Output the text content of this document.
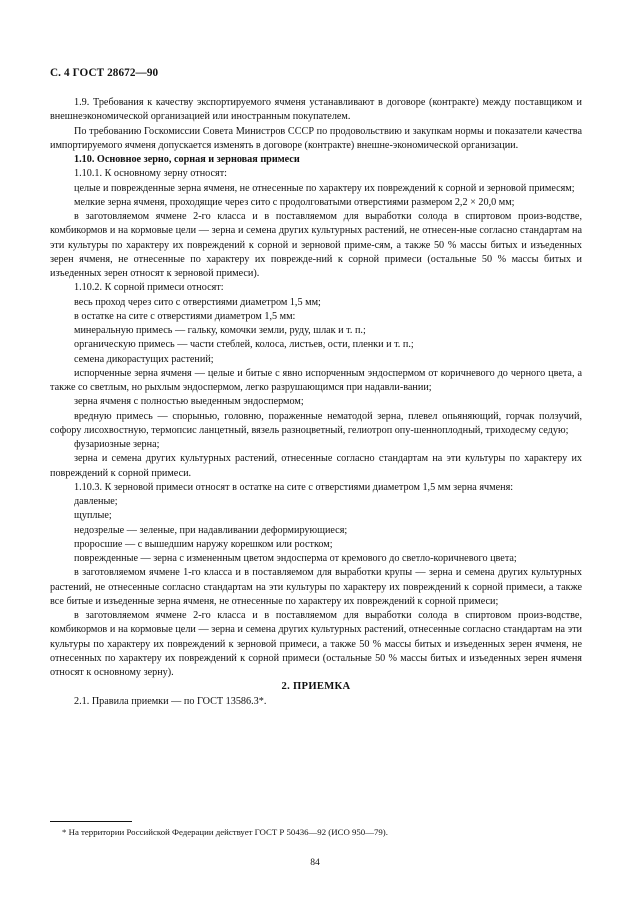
С. 4 ГОСТ 28672—90

1.9. Требования к качеству экспортируемого ячменя устанавливают в договоре (контракте) между поставщиком и внешнеэкономической организацией или иностранным покупателем.

По требованию Госкомиссии Совета Министров СССР по продовольствию и закупкам нормы и показатели качества импортируемого ячменя допускается изменять в договоре (контракте) внешне-экономической организации.

1.10. Основное зерно, сорная и зерновая примеси

1.10.1. К основному зерну относят:

целые и поврежденные зерна ячменя, не отнесенные по характеру их повреждений к сорной и зерновой примесям;

мелкие зерна ячменя, проходящие через сито с продолговатыми отверстиями размером 2,2 × 20,0 мм;

в заготовляемом ячмене 2-го класса и в поставляемом для выработки солода в спиртовом произ-водстве, комбикормов и на кормовые цели — зерна и семена других культурных растений, не отнесен-ные согласно стандартам на эти культуры по характеру их повреждений к сорной и зерновой приме-сям, а также 50 % массы битых и изъеденных зерен ячменя, не отнесенные по характеру их поврежде-ний к сорной примеси (остальные 50 % массы битых и изъеденных зерен относят к зерновой примеси).

1.10.2. К сорной примеси относят:

весь проход через сито с отверстиями диаметром 1,5 мм;

в остатке на сите с отверстиями диаметром 1,5 мм:

минеральную примесь — гальку, комочки земли, руду, шлак и т. п.;

органическую примесь — части стеблей, колоса, листьев, ости, пленки и т. п.;

семена дикорастущих растений;

испорченные зерна ячменя — целые и битые с явно испорченным эндоспермом от коричневого до черного цвета, а также со светлым, но рыхлым эндоспермом, легко разрушающимся при надавли-вании;

зерна ячменя с полностью выеденным эндоспермом;

вредную примесь — спорынью, головню, пораженные нематодой зерна, плевел опьяняющий, горчак ползучий, софору лисохвостную, термопсис ланцетный, вязель разноцветный, гелиотроп опу-шенноплодный, триходесму седую;

фузариозные зерна;

зерна и семена других культурных растений, отнесенные согласно стандартам на эти культуры по характеру их повреждений к сорной примеси.

1.10.3. К зерновой примеси относят в остатке на сите с отверстиями диаметром 1,5 мм зерна ячменя:

давленые;

щуплые;

недозрелые — зеленые, при надавливании деформирующиеся;

проросшие — с вышедшим наружу корешком или ростком;

поврежденные — зерна с измененным цветом эндосперма от кремового до светло-коричневого цвета;

в заготовляемом ячмене 1-го класса и в поставляемом для выработки крупы — зерна и семена других культурных растений, не отнесенные согласно стандартам на эти культуры по характеру их повреждений к сорной примеси, а также все битые и изъеденные зерна ячменя, не отнесенные по характеру их повреждений к сорной примеси;

в заготовляемом ячмене 2-го класса и в поставляемом для выработки солода в спиртовом произ-водстве, комбикормов и на кормовые цели — зерна и семена других культурных растений, отнесенные согласно стандартам на эти культуры по характеру их повреждений к зерновой примеси, а также 50 % массы битых и изъеденных зерен ячменя, не отнесенных по характеру их повреждений к сорной примеси (остальные 50 % массы битых и изъеденных зерен ячменя относят к основному зерну).

2. ПРИЕМКА

2.1. Правила приемки — по ГОСТ 13586.3*.

* На территории Российской Федерации действует ГОСТ Р 50436—92 (ИСО 950—79).
84
